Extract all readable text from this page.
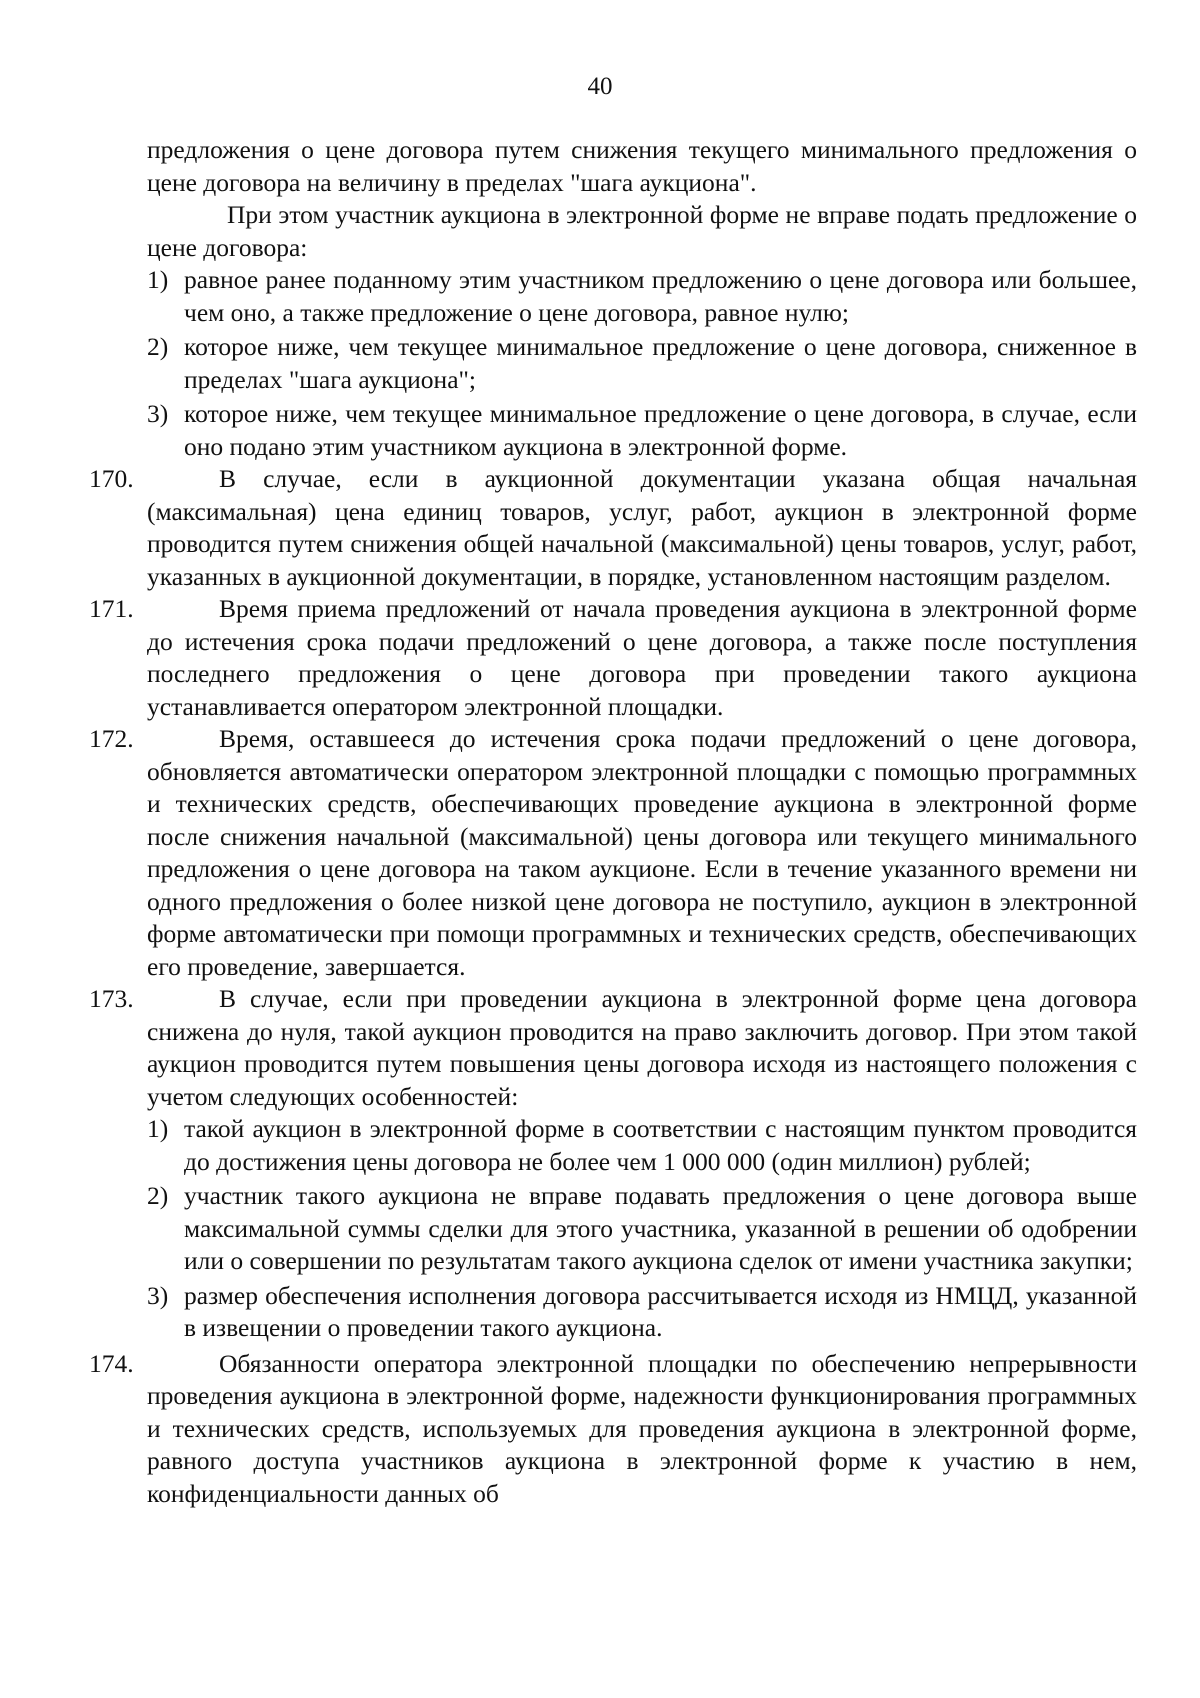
40

предложения о цене договора путем снижения текущего минимального предложения о цене договора на величину в пределах "шага аукциона".

При этом участник аукциона в электронной форме не вправе подать предложение о цене договора:

1) равное ранее поданному этим участником предложению о цене договора или большее, чем оно, а также предложение о цене договора, равное нулю;

2) которое ниже, чем текущее минимальное предложение о цене договора, сниженное в пределах "шага аукциона";

3) которое ниже, чем текущее минимальное предложение о цене договора, в случае, если оно подано этим участником аукциона в электронной форме.

170.	В случае, если в аукционной документации указана общая начальная (максимальная) цена единиц товаров, услуг, работ, аукцион в электронной форме проводится путем снижения общей начальной (максимальной) цены товаров, услуг, работ, указанных в аукционной документации, в порядке, установленном настоящим разделом.

171.	Время приема предложений от начала проведения аукциона в электронной форме до истечения срока подачи предложений о цене договора, а также после поступления последнего предложения о цене договора при проведении такого аукциона устанавливается оператором электронной площадки.

172.	Время, оставшееся до истечения срока подачи предложений о цене договора, обновляется автоматически оператором электронной площадки с помощью программных и технических средств, обеспечивающих проведение аукциона в электронной форме после снижения начальной (максимальной) цены договора или текущего минимального предложения о цене договора на таком аукционе. Если в течение указанного времени ни одного предложения о более низкой цене договора не поступило, аукцион в электронной форме автоматически при помощи программных и технических средств, обеспечивающих его проведение, завершается.

173.	В случае, если при проведении аукциона в электронной форме цена договора снижена до нуля, такой аукцион проводится на право заключить договор. При этом такой аукцион проводится путем повышения цены договора исходя из настоящего положения с учетом следующих особенностей:

1) такой аукцион в электронной форме в соответствии с настоящим пунктом проводится до достижения цены договора не более чем 1 000 000 (один миллион) рублей;

2) участник такого аукциона не вправе подавать предложения о цене договора выше максимальной суммы сделки для этого участника, указанной в решении об одобрении или о совершении по результатам такого аукциона сделок от имени участника закупки;

3) размер обеспечения исполнения договора рассчитывается исходя из НМЦД, указанной в извещении о проведении такого аукциона.

174.	Обязанности оператора электронной площадки по обеспечению непрерывности проведения аукциона в электронной форме, надежности функционирования программных и технических средств, используемых для проведения аукциона в электронной форме, равного доступа участников аукциона в электронной форме к участию в нем, конфиденциальности данных об
